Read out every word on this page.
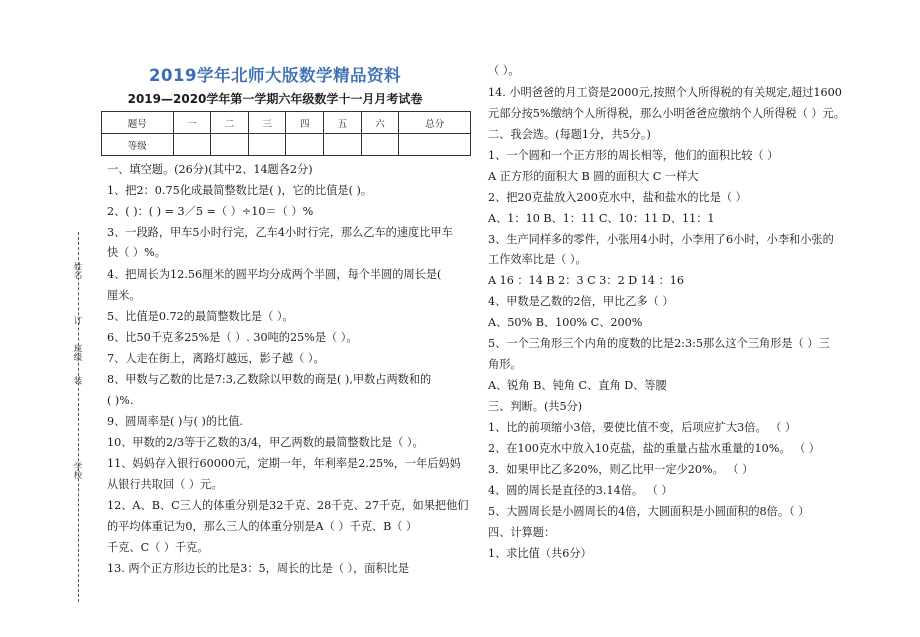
2019学年北师大版数学精品资料
2019—2020学年第一学期六年级数学十一月月考试卷
题号	一	二	三	四	五	六	总分
等级							
姓名
订
班级
装
学校
一、填空题。(26分)(其中2、14题各2分)
1、把2：0.75化成最简整数比是( )，它的比值是( )。
2、( )：( ) = 3／5 =（ ）÷10＝（ ）%
3、一段路，甲车5小时行完，乙车4小时行完，那么乙车的速度比甲车
快（ ）%。
4、把周长为12.56厘米的圆平均分成两个半圆，每个半圆的周长是(
厘米。
5、比值是0.72的最简整数比是（ ）。
6、比50千克多25%是（ ）. 30吨的25%是（ ）。
7、人走在街上，离路灯越远，影子越（ ）。
8、甲数与乙数的比是7:3,乙数除以甲数的商是( ),甲数占两数和的
( )%.
9、圆周率是( )与( )的比值.
10、甲数的2/3等于乙数的3/4，甲乙两数的最简整数比是（ ）。
11、妈妈存入银行60000元，定期一年，年利率是2.25%，一年后妈妈
从银行共取回（ ）元。
12、A、B、C三人的体重分别是32千克、28千克、27千克，如果把他们
的平均体重记为0，那么三人的体重分别是A（ ）千克、B（ ）
千克、C（ ）千克。
13. 两个正方形边长的比是3：5，周长的比是（ ），面积比是
（ ）。
14. 小明爸爸的月工资是2000元,按照个人所得税的有关规定,超过1600
元部分按5%缴纳个人所得税，那么小明爸爸应缴纳个人所得税（ ）元。
二、我会选。(每题1分，共5分。)
1、一个圆和一个正方形的周长相等，他们的面积比较（ ）
A 正方形的面积大 B 圆的面积大 C 一样大
2、把20克盐放入200克水中，盐和盐水的比是（ ）
A、1：10 B、1：11 C、10：11 D、11：1
3、生产同样多的零件，小张用4小时，小李用了6小时，小李和小张的
工作效率比是（ ）。
A 16 ：14 B 2：3 C 3：2 D 14 ：16
4、甲数是乙数的2倍，甲比乙多（ ）
A、50% B、100% C、200%
5、一个三角形三个内角的度数的比是2:3:5那么这个三角形是（ ）三
角形。
A、锐角 B、钝角 C、直角 D、等腰
三、判断。(共5分)
1、比的前项缩小3倍，要使比值不变，后项应扩大3倍。 （ ）
2、在100克水中放入10克盐，盐的重量占盐水重量的10%。 （ ）
3．如果甲比乙多20%，则乙比甲一定少20%。 （ ）
4、圆的周长是直径的3.14倍。 （ ）
5、大圆周长是小圆周长的4倍，大圆面积是小圆面积的8倍。（ ）
四、计算题：
1、求比值（共6分）
